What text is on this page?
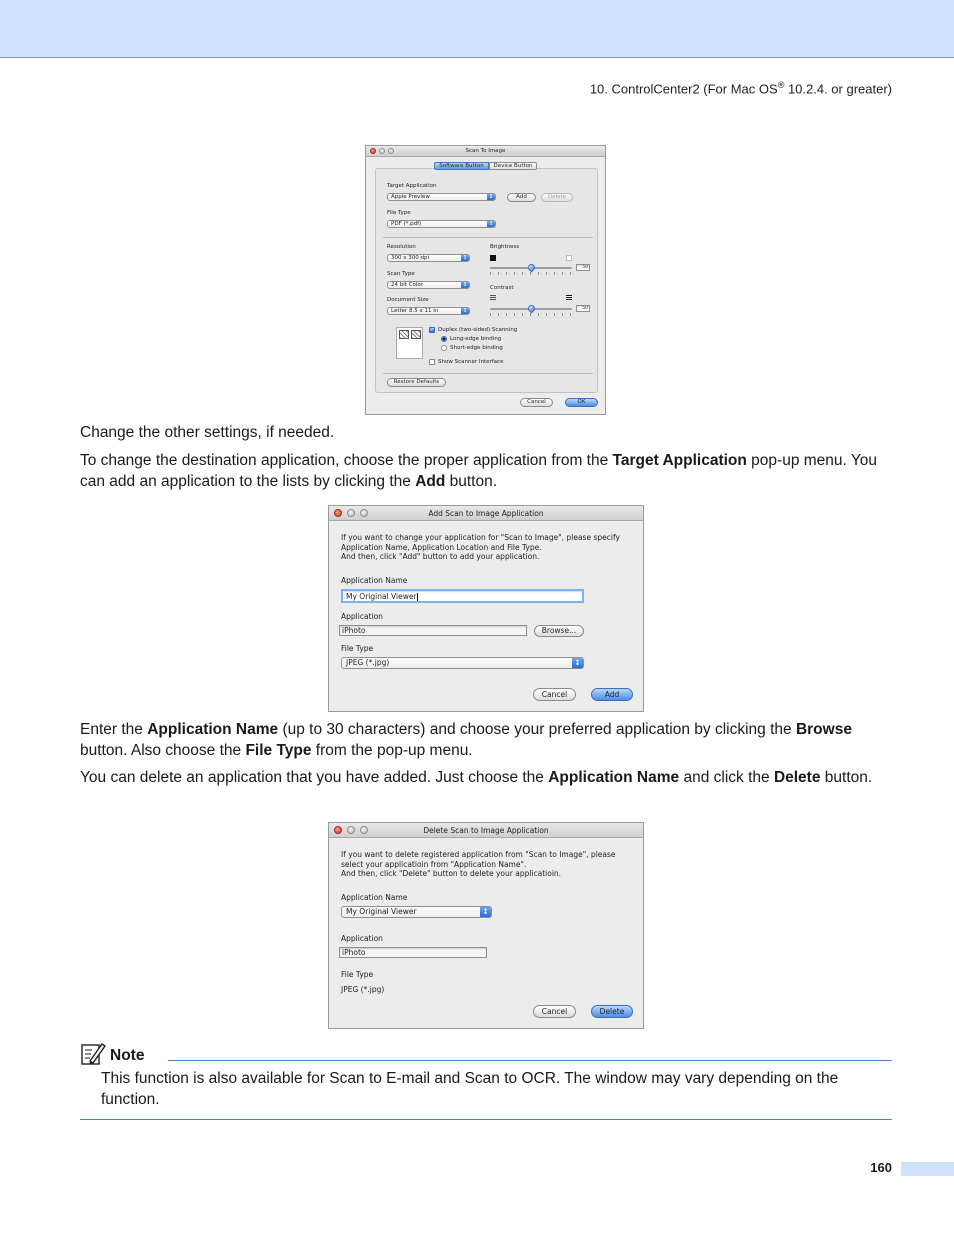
10. ControlCenter2 (For Mac OS® 10.2.4. or greater)
Scan To Image
Software Button	Device Button
Target Application
Apple Preview	↕	Add	Delete
File Type
PDF (*.pdf)	↕
Resolution
300 x 300 dpi	↕
Scan Type
24 bit Color	↕
Document Size
Letter 8.5 x 11 in	↕
Brightness
50
Contrast
50
✓ Duplex (two-sided) Scanning
Long-edge binding
Short-edge binding
Show Scanner Interface
Restore Defaults
Cancel	OK
Change the other settings, if needed.
To change the destination application, choose the proper application from the Target Application pop-up menu. You can add an application to the lists by clicking the Add button.
Add Scan to Image Application
If you want to change your application for "Scan to Image", please specify
Application Name, Application Location and File Type.
And then, click "Add" button to add your application.
Application Name
My Original Viewer
Application
iPhoto	Browse...
File Type
JPEG (*.jpg)	↕
Cancel	Add
Enter the Application Name (up to 30 characters) and choose your preferred application by clicking the Browse button. Also choose the File Type from the pop-up menu.
You can delete an application that you have added. Just choose the Application Name and click the Delete button.
Delete Scan to Image Application
If you want to delete registered application from "Scan to Image", please
select your applicatioin from "Application Name".
And then, click "Delete" button to delete your applicatioin.
Application Name
My Original Viewer	↕
Application
iPhoto
File Type
JPEG (*.jpg)
Cancel	Delete
Note
This function is also available for Scan to E-mail and Scan to OCR. The window may vary depending on the function.
160
